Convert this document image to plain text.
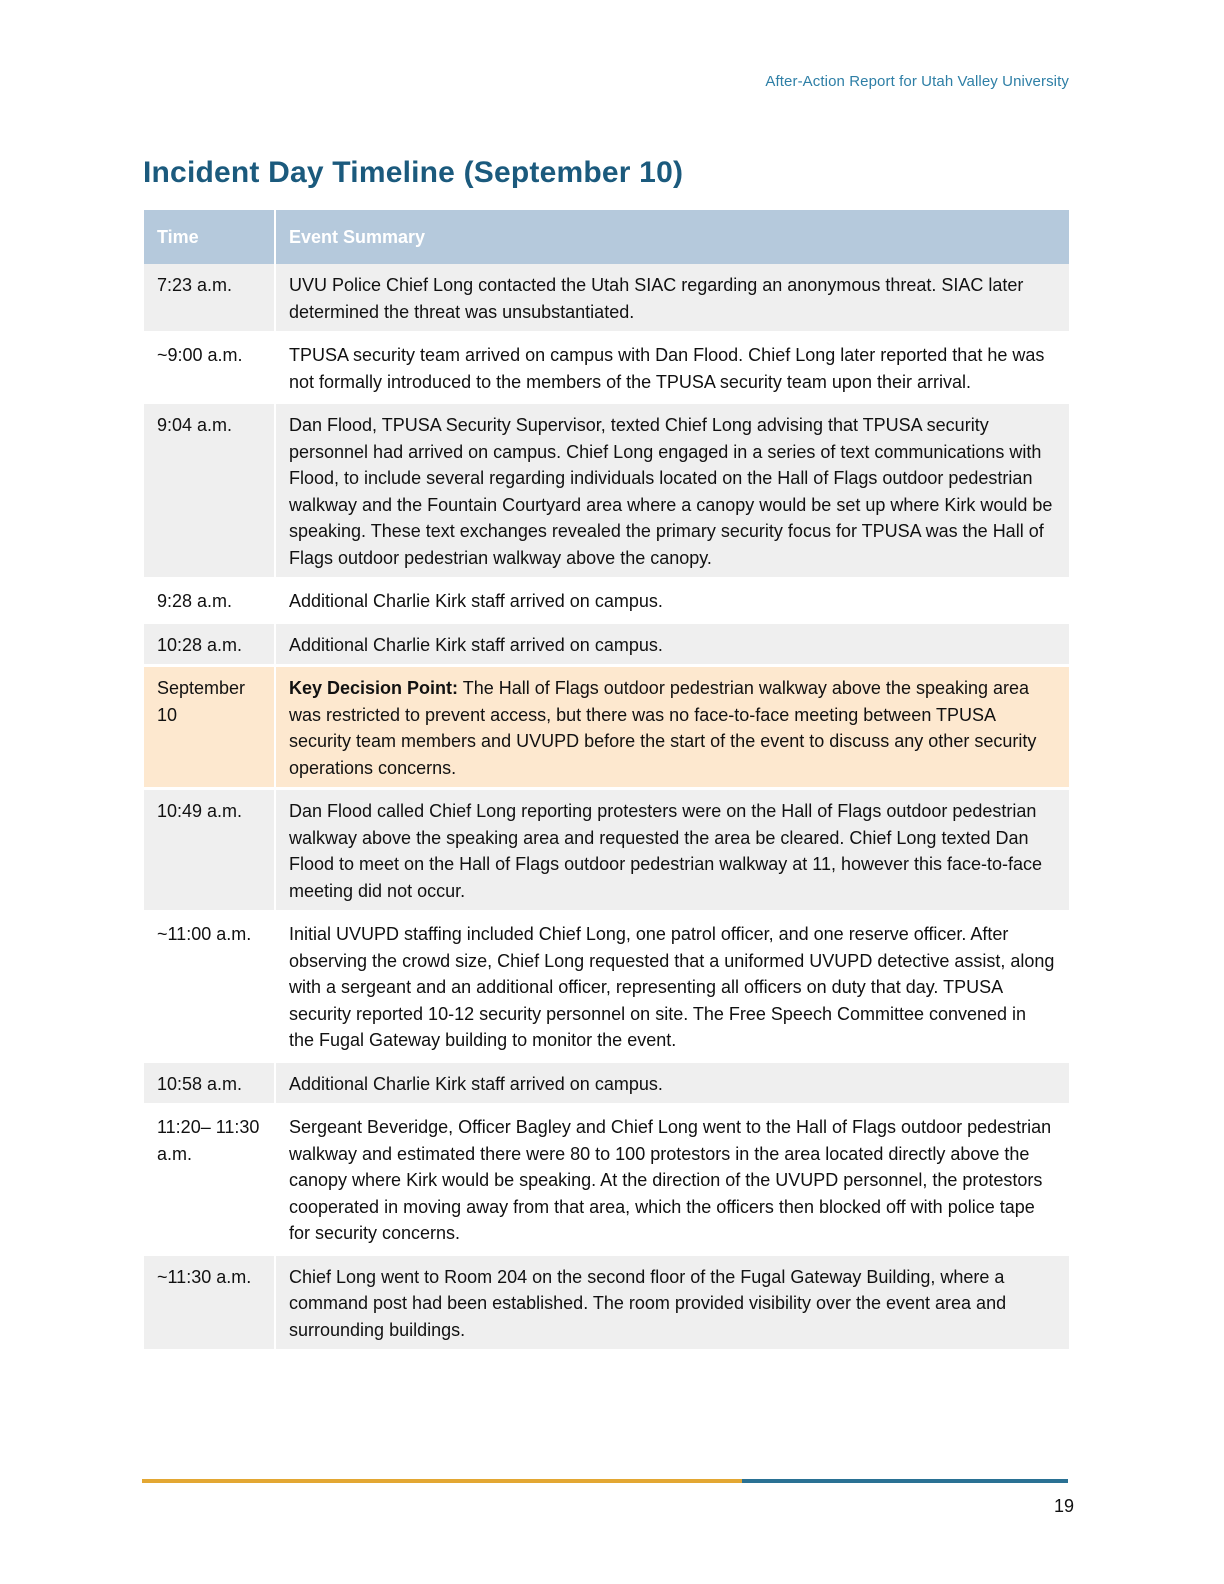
After-Action Report for Utah Valley University
Incident Day Timeline (September 10)
Time	Event Summary
7:23 a.m.	UVU Police Chief Long contacted the Utah SIAC regarding an anonymous threat. SIAC later determined the threat was unsubstantiated.
~9:00 a.m.	TPUSA security team arrived on campus with Dan Flood. Chief Long later reported that he was not formally introduced to the members of the TPUSA security team upon their arrival.
9:04 a.m.	Dan Flood, TPUSA Security Supervisor, texted Chief Long advising that TPUSA security personnel had arrived on campus. Chief Long engaged in a series of text communications with Flood, to include several regarding individuals located on the Hall of Flags outdoor pedestrian walkway and the Fountain Courtyard area where a canopy would be set up where Kirk would be speaking. These text exchanges revealed the primary security focus for TPUSA was the Hall of Flags outdoor pedestrian walkway above the canopy.
9:28 a.m.	Additional Charlie Kirk staff arrived on campus.
10:28 a.m.	Additional Charlie Kirk staff arrived on campus.
September 10	Key Decision Point: The Hall of Flags outdoor pedestrian walkway above the speaking area was restricted to prevent access, but there was no face-to-face meeting between TPUSA security team members and UVUPD before the start of the event to discuss any other security operations concerns.
10:49 a.m.	Dan Flood called Chief Long reporting protesters were on the Hall of Flags outdoor pedestrian walkway above the speaking area and requested the area be cleared. Chief Long texted Dan Flood to meet on the Hall of Flags outdoor pedestrian walkway at 11, however this face-to-face meeting did not occur.
~11:00 a.m.	Initial UVUPD staffing included Chief Long, one patrol officer, and one reserve officer. After observing the crowd size, Chief Long requested that a uniformed UVUPD detective assist, along with a sergeant and an additional officer, representing all officers on duty that day. TPUSA security reported 10-12 security personnel on site. The Free Speech Committee convened in the Fugal Gateway building to monitor the event.
10:58 a.m.	Additional Charlie Kirk staff arrived on campus.
11:20– 11:30 a.m.	Sergeant Beveridge, Officer Bagley and Chief Long went to the Hall of Flags outdoor pedestrian walkway and estimated there were 80 to 100 protestors in the area located directly above the canopy where Kirk would be speaking. At the direction of the UVUPD personnel, the protestors cooperated in moving away from that area, which the officers then blocked off with police tape for security concerns.
~11:30 a.m.	Chief Long went to Room 204 on the second floor of the Fugal Gateway Building, where a command post had been established. The room provided visibility over the event area and surrounding buildings.
19
